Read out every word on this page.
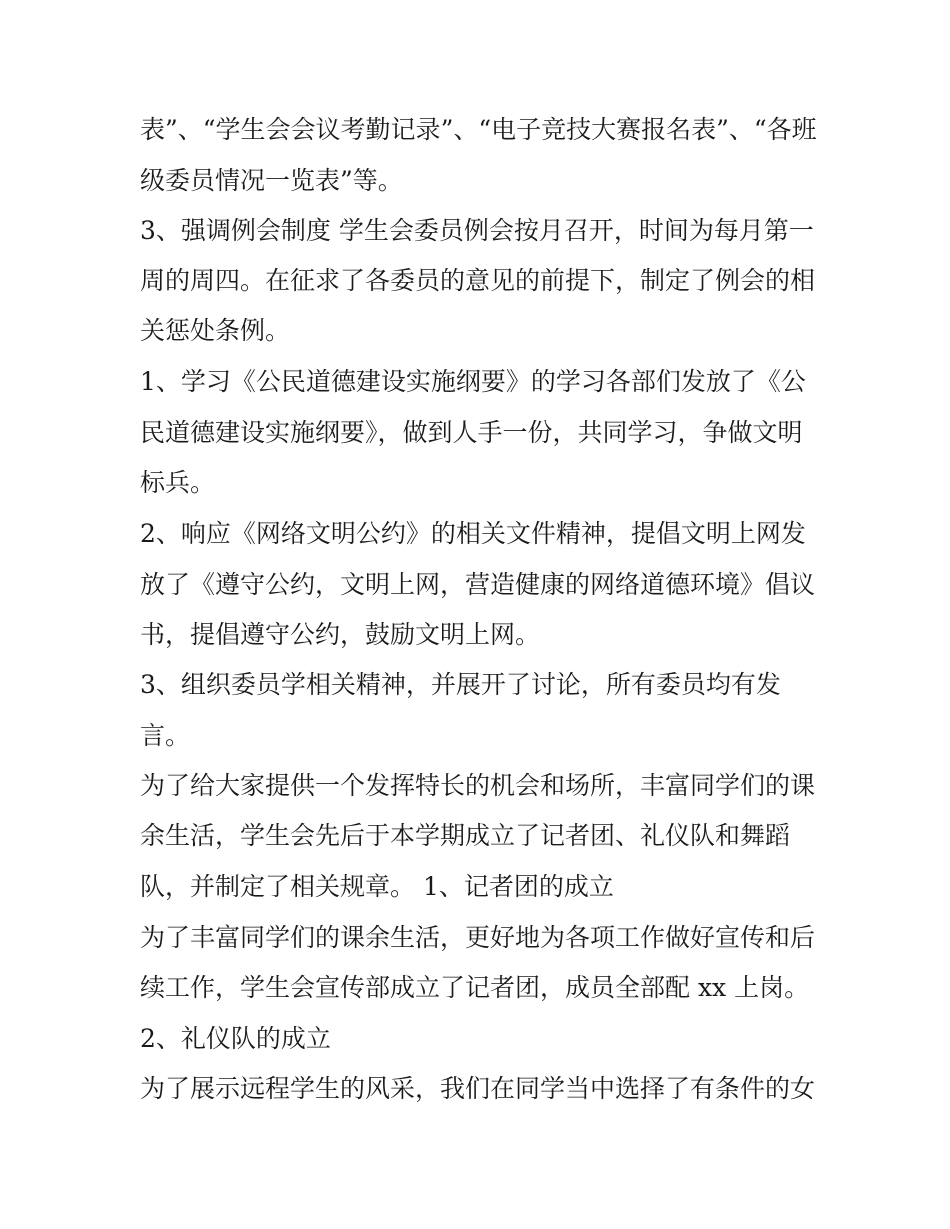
表”、“学生会会议考勤记录”、“电子竞技大赛报名表”、“各班

级委员情况一览表”等。

3、强调例会制度 学生会委员例会按月召开，时间为每月第一

周的周四。在征求了各委员的意见的前提下，制定了例会的相

关惩处条例。

1、学习《公民道德建设实施纲要》的学习各部们发放了《公

民道德建设实施纲要》，做到人手一份，共同学习，争做文明

标兵。

2、响应《网络文明公约》的相关文件精神，提倡文明上网发

放了《遵守公约，文明上网，营造健康的网络道德环境》倡议

书，提倡遵守公约，鼓励文明上网。

3、组织委员学相关精神，并展开了讨论，所有委员均有发

言。

为了给大家提供一个发挥特长的机会和场所，丰富同学们的课

余生活，学生会先后于本学期成立了记者团、礼仪队和舞蹈

队，并制定了相关规章。 1、记者团的成立

为了丰富同学们的课余生活，更好地为各项工作做好宣传和后

续工作，学生会宣传部成立了记者团，成员全部配 xx 上岗。

2、礼仪队的成立

为了展示远程学生的风采，我们在同学当中选择了有条件的女
